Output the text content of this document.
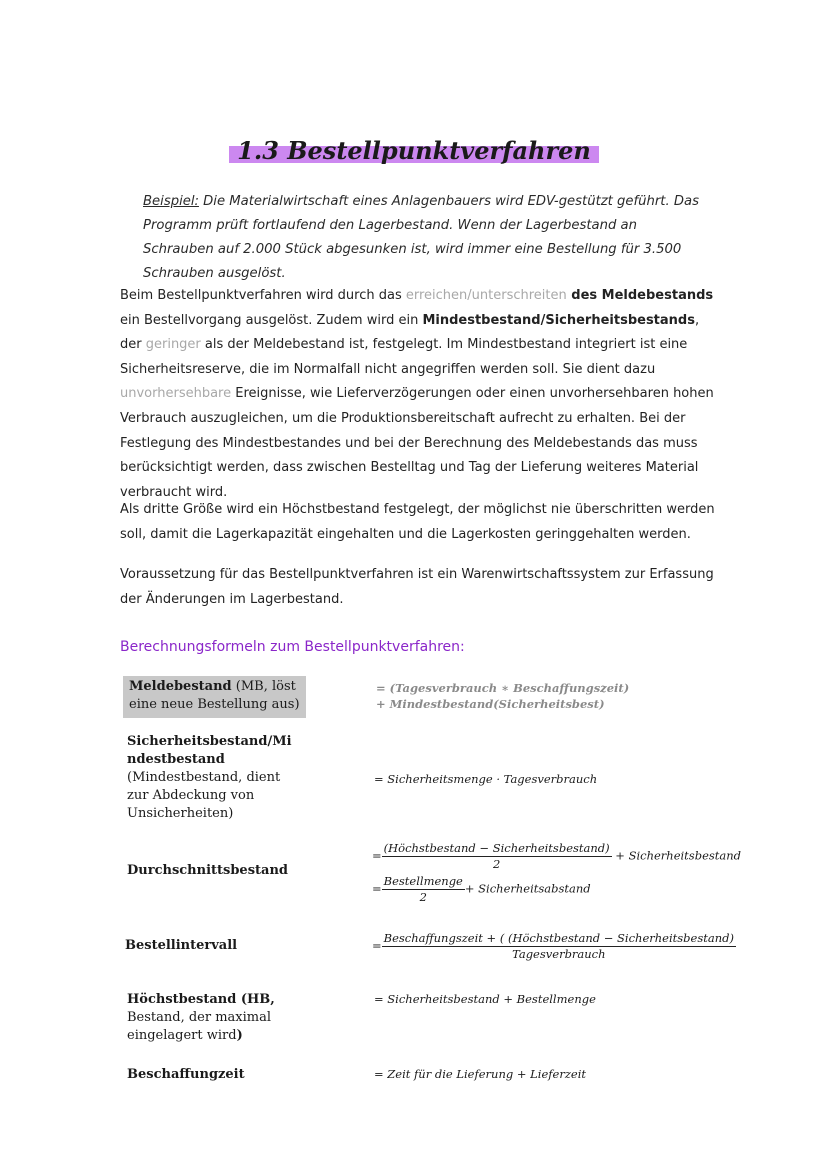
1.3 Bestellpunktverfahren
Beispiel: Die Materialwirtschaft eines Anlagenbauers wird EDV-gestützt geführt. Das Programm prüft fortlaufend den Lagerbestand. Wenn der Lagerbestand an Schrauben auf 2.000 Stück abgesunken ist, wird immer eine Bestellung für 3.500 Schrauben ausgelöst.
Beim Bestellpunktverfahren wird durch das erreichen/unterschreiten des Meldebestands ein Bestellvorgang ausgelöst. Zudem wird ein Mindestbestand/Sicherheitsbestands, der geringer als der Meldebestand ist, festgelegt. Im Mindestbestand integriert ist eine Sicherheitsreserve, die im Normalfall nicht angegriffen werden soll. Sie dient dazu unvorhersehbare Ereignisse, wie Lieferverzögerungen oder einen unvorhersehbaren hohen Verbrauch auszugleichen, um die Produktionsbereitschaft aufrecht zu erhalten. Bei der Festlegung des Mindestbestandes und bei der Berechnung des Meldebestands das muss berücksichtigt werden, dass zwischen Bestelltag und Tag der Lieferung weiteres Material verbraucht wird.
Als dritte Größe wird ein Höchstbestand festgelegt, der möglichst nie überschritten werden soll, damit die Lagerkapazität eingehalten und die Lagerkosten geringgehalten werden.
Voraussetzung für das Bestellpunktverfahren ist ein Warenwirtschaftssystem zur Erfassung der Änderungen im Lagerbestand.
Berechnungsformeln zum Bestellpunktverfahren:
Meldebestand (MB, löst eine neue Bestellung aus)
= (Tagesverbrauch ∗ Beschaffungszeit)
+ Mindestbestand(Sicherheitsbest)
Sicherheitsbestand/Mindestbestand
(Mindestbestand, dient zur Abdeckung von Unsicherheiten)
= Sicherheitsmenge · Tagesverbrauch
Durchschnittsbestand
= $\frac{\text{(Höchstbestand − Sicherheitsbestand)}}{2}$ + Sicherheitsbestand
= $\frac{\text{Bestellmenge}}{2}$ + Sicherheitsabstand
Bestellintervall	= $\frac{\text{Beschaffungszeit + ( (Höchstbestand − Sicherheitsbestand)}}{\text{Tagesverbrauch}}$
Höchstbestand (HB,
Bestand, der maximal eingelagert wird)
= Sicherheitsbestand + Bestellmenge
Beschaffungzeit	= Zeit für die Lieferung + Lieferzeit
